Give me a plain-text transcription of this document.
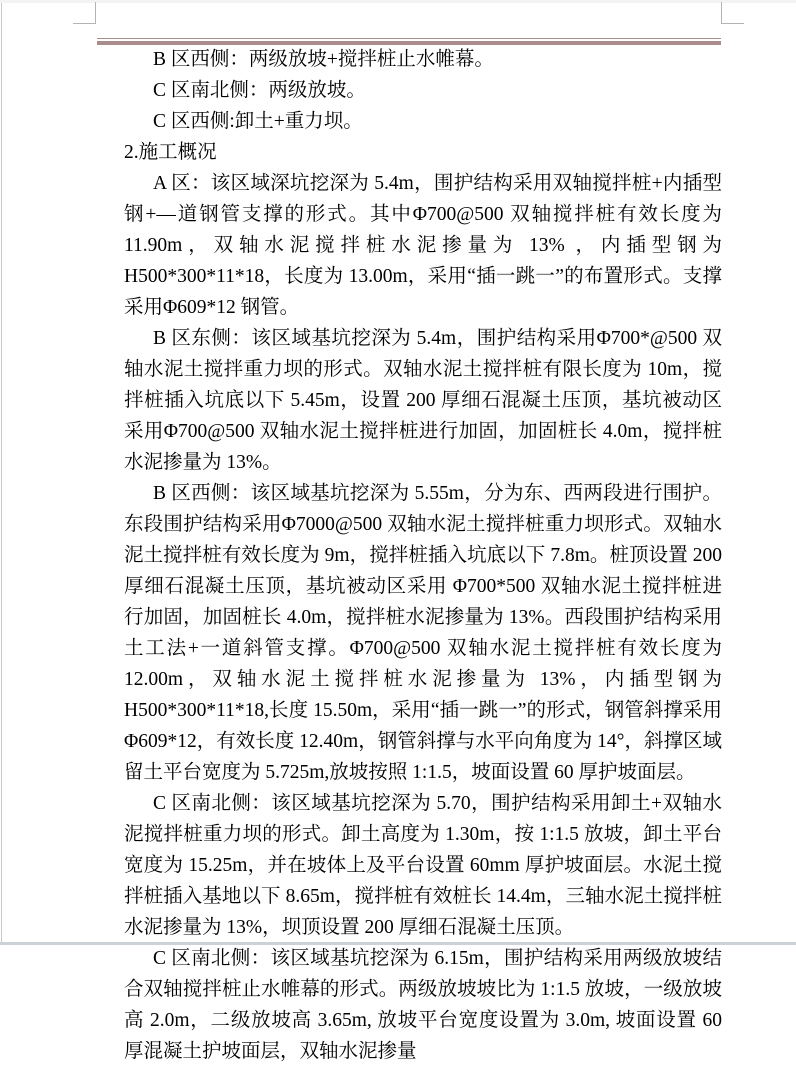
B 区西侧：两级放坡+搅拌桩止水帷幕。

C 区南北侧：两级放坡。

C 区西侧:卸土+重力坝。

2.施工概况

A 区：该区域深坑挖深为 5.4m，围护结构采用双轴搅拌桩+内插型钢+—道钢管支撑的形式。其中Φ700@500 双轴搅拌桩有效长度为 11.90m，双轴水泥搅拌桩水泥掺量为 13% ，内插型钢为 H500*300*11*18，长度为 13.00m，采用“插一跳一”的布置形式。支撑采用Φ609*12 钢管。

B 区东侧：该区域基坑挖深为 5.4m，围护结构采用Φ700*@500 双轴水泥土搅拌重力坝的形式。双轴水泥土搅拌桩有限长度为 10m，搅拌桩插入坑底以下 5.45m，设置 200 厚细石混凝土压顶，基坑被动区采用Φ700@500 双轴水泥土搅拌桩进行加固，加固桩长 4.0m，搅拌桩水泥掺量为 13%。

B 区西侧：该区域基坑挖深为 5.55m，分为东、西两段进行围护。东段围护结构采用Φ7000@500 双轴水泥土搅拌桩重力坝形式。双轴水泥土搅拌桩有效长度为 9m，搅拌桩插入坑底以下 7.8m。桩顶设置 200 厚细石混凝土压顶，基坑被动区采用 Φ700*500 双轴水泥土搅拌桩进行加固，加固桩长 4.0m，搅拌桩水泥掺量为 13%。西段围护结构采用土工法+一道斜管支撑。Φ700@500 双轴水泥土搅拌桩有效长度为 12.00m，双轴水泥土搅拌桩水泥掺量为 13%，内插型钢为 H500*300*11*18,长度 15.50m，采用“插一跳一”的形式，钢管斜撑采用Φ609*12，有效长度 12.40m，钢管斜撑与水平向角度为 14°，斜撑区域留土平台宽度为 5.725m,放坡按照 1:1.5，坡面设置 60 厚护坡面层。

C 区南北侧：该区域基坑挖深为 5.70，围护结构采用卸土+双轴水泥搅拌桩重力坝的形式。卸土高度为 1.30m，按 1:1.5 放坡，卸土平台宽度为 15.25m，并在坡体上及平台设置 60mm 厚护坡面层。水泥土搅拌桩插入基地以下 8.65m，搅拌桩有效桩长 14.4m，三轴水泥土搅拌桩水泥掺量为 13%，坝顶设置 200 厚细石混凝土压顶。

C 区南北侧：该区域基坑挖深为 6.15m，围护结构采用两级放坡结合双轴搅拌桩止水帷幕的形式。两级放坡坡比为 1:1.5 放坡，一级放坡高 2.0m，二级放坡高 3.65m, 放坡平台宽度设置为 3.0m, 坡面设置 60 厚混凝土护坡面层，双轴水泥掺量
